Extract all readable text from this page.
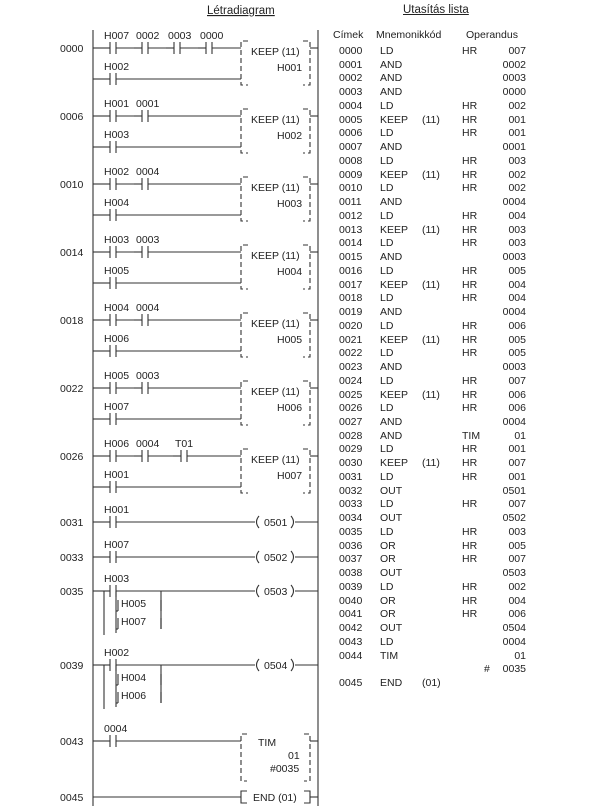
Létradiagram
0000
H007 0002 0003 0000
KEEP (11)
H001
H002
0006
H001 0001
KEEP (11)
H002
H003
0010
H002 0004
KEEP (11)
H003
H004
0014
H003 0003
KEEP (11)
H004
H005
0018
H004 0004
KEEP (11)
H005
H006
0022
H005 0003
KEEP (11)
H006
H007
0026
H006 0004 T01
KEEP (11)
H007
H001
0031
H001
0501
0033
H007
0502
0035
H003
0503
H005
H007
0039
H002
0504
H004
H006
0043
0004
TIM
01
#0035
0045	END (01)
Utasítás lista
Címek Mnemonikkód Operandus
0000 LD	HR	007
0001 AND	0002
0002 AND	0003
0003 AND	0000
0004 LD	HR	002
0005 KEEP (11) HR	001
0006 LD	HR	001
0007 AND	0001
0008 LD	HR	003
0009 KEEP (11) HR	002
0010 LD	HR	002
0011 AND	0004
0012 LD	HR	004
0013 KEEP (11) HR	003
0014 LD	HR	003
0015 AND	0003
0016 LD	HR	005
0017 KEEP (11) HR	004
0018 LD	HR	004
0019 AND	0004
0020 LD	HR	006
0021 KEEP (11) HR	005
0022 LD	HR	005
0023 AND	0003
0024 LD	HR	007
0025 KEEP (11) HR	006
0026 LD	HR	006
0027 AND	0004
0028 AND	TIM	01
0029 LD	HR	001
0030 KEEP (11) HR	007
0031 LD	HR	001
0032 OUT	0501
0033 LD	HR	007
0034 OUT	0502
0035 LD	HR	003
0036 OR	HR	005
0037 OR	HR	007
0038 OUT	0503
0039 LD	HR	002
0040 OR	HR	004
0041 OR	HR	006
0042 OUT	0504
0043 LD	0004
0044 TIM	01
# 0035
0045 END (01)
